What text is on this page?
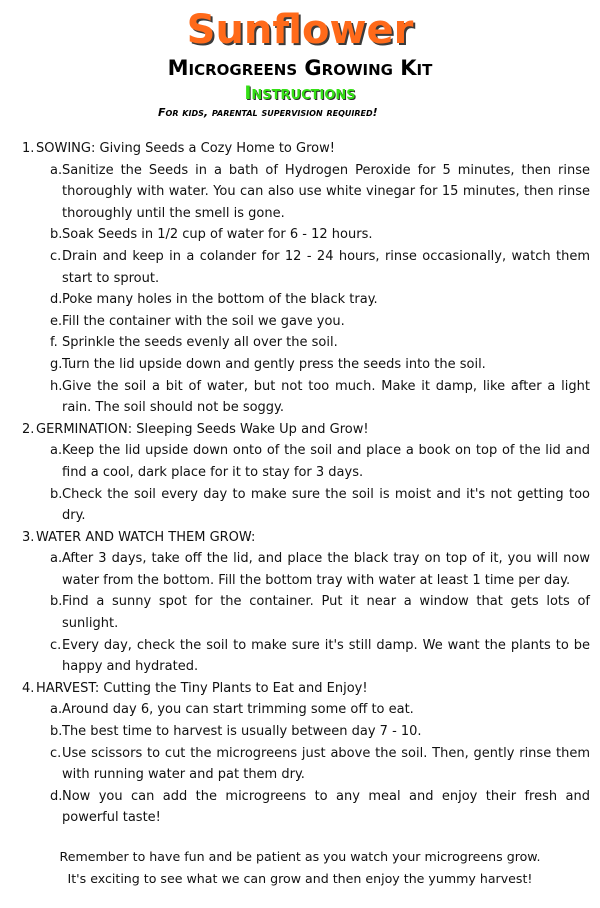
Sunflower
Microgreens Growing Kit
Instructions
For kids, parental supervision required!
1. SOWING: Giving Seeds a Cozy Home to Grow!
a. Sanitize the Seeds in a bath of Hydrogen Peroxide for 5 minutes, then rinse thoroughly with water. You can also use white vinegar for 15 minutes, then rinse thoroughly until the smell is gone.
b. Soak Seeds in 1/2 cup of water for 6 - 12 hours.
c. Drain and keep in a colander for 12 - 24 hours, rinse occasionally, watch them start to sprout.
d. Poke many holes in the bottom of the black tray.
e. Fill the container with the soil we gave you.
f. Sprinkle the seeds evenly all over the soil.
g. Turn the lid upside down and gently press the seeds into the soil.
h. Give the soil a bit of water, but not too much. Make it damp, like after a light rain. The soil should not be soggy.
2. GERMINATION: Sleeping Seeds Wake Up and Grow!
a. Keep the lid upside down onto of the soil and place a book on top of the lid and find a cool, dark place for it to stay for 3 days.
b. Check the soil every day to make sure the soil is moist and it's not getting too dry.
3. WATER AND WATCH THEM GROW:
a. After 3 days, take off the lid, and place the black tray on top of it, you will now water from the bottom. Fill the bottom tray with water at least 1 time per day.
b. Find a sunny spot for the container. Put it near a window that gets lots of sunlight.
c. Every day, check the soil to make sure it's still damp. We want the plants to be happy and hydrated.
4. HARVEST: Cutting the Tiny Plants to Eat and Enjoy!
a. Around day 6, you can start trimming some off to eat.
b. The best time to harvest is usually between day 7 - 10.
c. Use scissors to cut the microgreens just above the soil. Then, gently rinse them with running water and pat them dry.
d. Now you can add the microgreens to any meal and enjoy their fresh and powerful taste!
Remember to have fun and be patient as you watch your microgreens grow.
It's exciting to see what we can grow and then enjoy the yummy harvest!
